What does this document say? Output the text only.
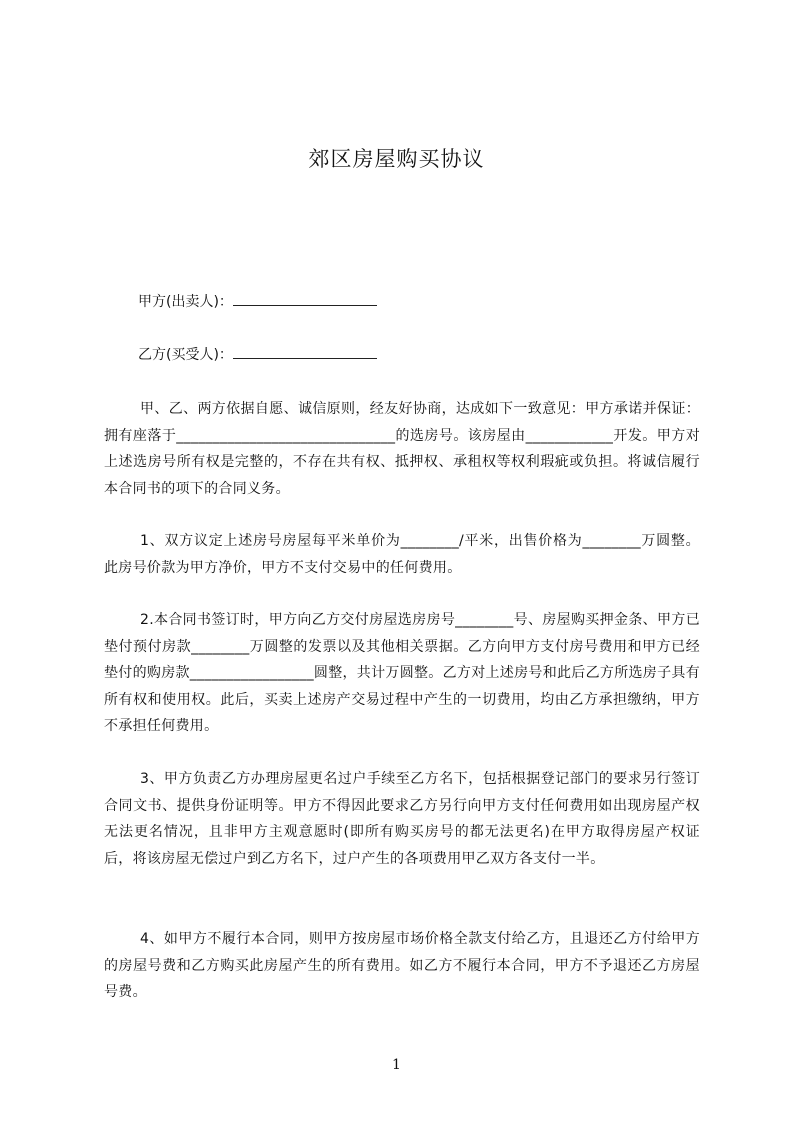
郊区房屋购买协议
甲方(出卖人)：
乙方(买受人)：

甲、乙、两方依据自愿、诚信原则，经友好协商，达成如下一致意见：甲方承诺并保证：拥有座落于______________________________的选房号。该房屋由____________开发。甲方对上述选房号所有权是完整的，不存在共有权、抵押权、承租权等权利瑕疵或负担。将诚信履行本合同书的项下的合同义务。

1、双方议定上述房号房屋每平米单价为________/平米，出售价格为________万圆整。此房号价款为甲方净价，甲方不支付交易中的任何费用。

2.本合同书签订时，甲方向乙方交付房屋选房房号________号、房屋购买押金条、甲方已垫付预付房款________万圆整的发票以及其他相关票据。乙方向甲方支付房号费用和甲方已经垫付的购房款_________________圆整，共计万圆整。乙方对上述房号和此后乙方所选房子具有所有权和使用权。此后，买卖上述房产交易过程中产生的一切费用，均由乙方承担缴纳，甲方不承担任何费用。

3、甲方负责乙方办理房屋更名过户手续至乙方名下，包括根据登记部门的要求另行签订合同文书、提供身份证明等。甲方不得因此要求乙方另行向甲方支付任何费用如出现房屋产权无法更名情况，且非甲方主观意愿时(即所有购买房号的都无法更名)在甲方取得房屋产权证后，将该房屋无偿过户到乙方名下，过户产生的各项费用甲乙双方各支付一半。

4、如甲方不履行本合同，则甲方按房屋市场价格全款支付给乙方，且退还乙方付给甲方的房屋号费和乙方购买此房屋产生的所有费用。如乙方不履行本合同，甲方不予退还乙方房屋号费。

1
